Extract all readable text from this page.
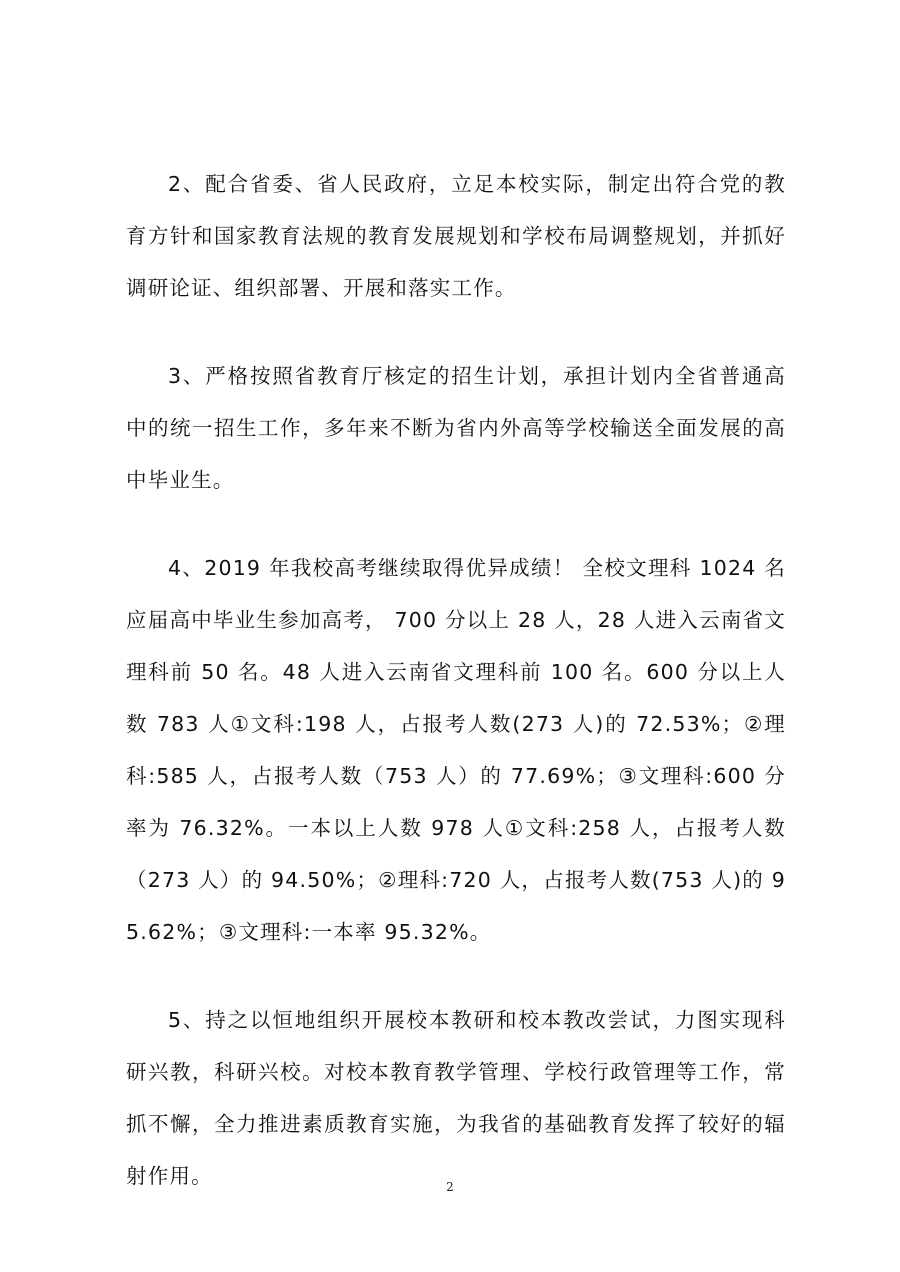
2、配合省委、省人民政府，立足本校实际，制定出符合党的教育方针和国家教育法规的教育发展规划和学校布局调整规划，并抓好调研论证、组织部署、开展和落实工作。

3、严格按照省教育厅核定的招生计划，承担计划内全省普通高中的统一招生工作，多年来不断为省内外高等学校输送全面发展的高中毕业生。

4、2019 年我校高考继续取得优异成绩！ 全校文理科 1024 名应届高中毕业生参加高考， 700 分以上 28 人，28 人进入云南省文理科前 50 名。48 人进入云南省文理科前 100 名。600 分以上人数 783 人①文科:198 人，占报考人数(273 人)的 72.53%；②理科:585 人，占报考人数（753 人）的 77.69%；③文理科:600 分率为 76.32%。一本以上人数 978 人①文科:258 人，占报考人数（273 人）的 94.50%；②理科:720 人，占报考人数(753 人)的 95.62%；③文理科:一本率 95.32%。

5、持之以恒地组织开展校本教研和校本教改尝试，力图实现科研兴教，科研兴校。对校本教育教学管理、学校行政管理等工作，常抓不懈，全力推进素质教育实施，为我省的基础教育发挥了较好的辐射作用。	2
